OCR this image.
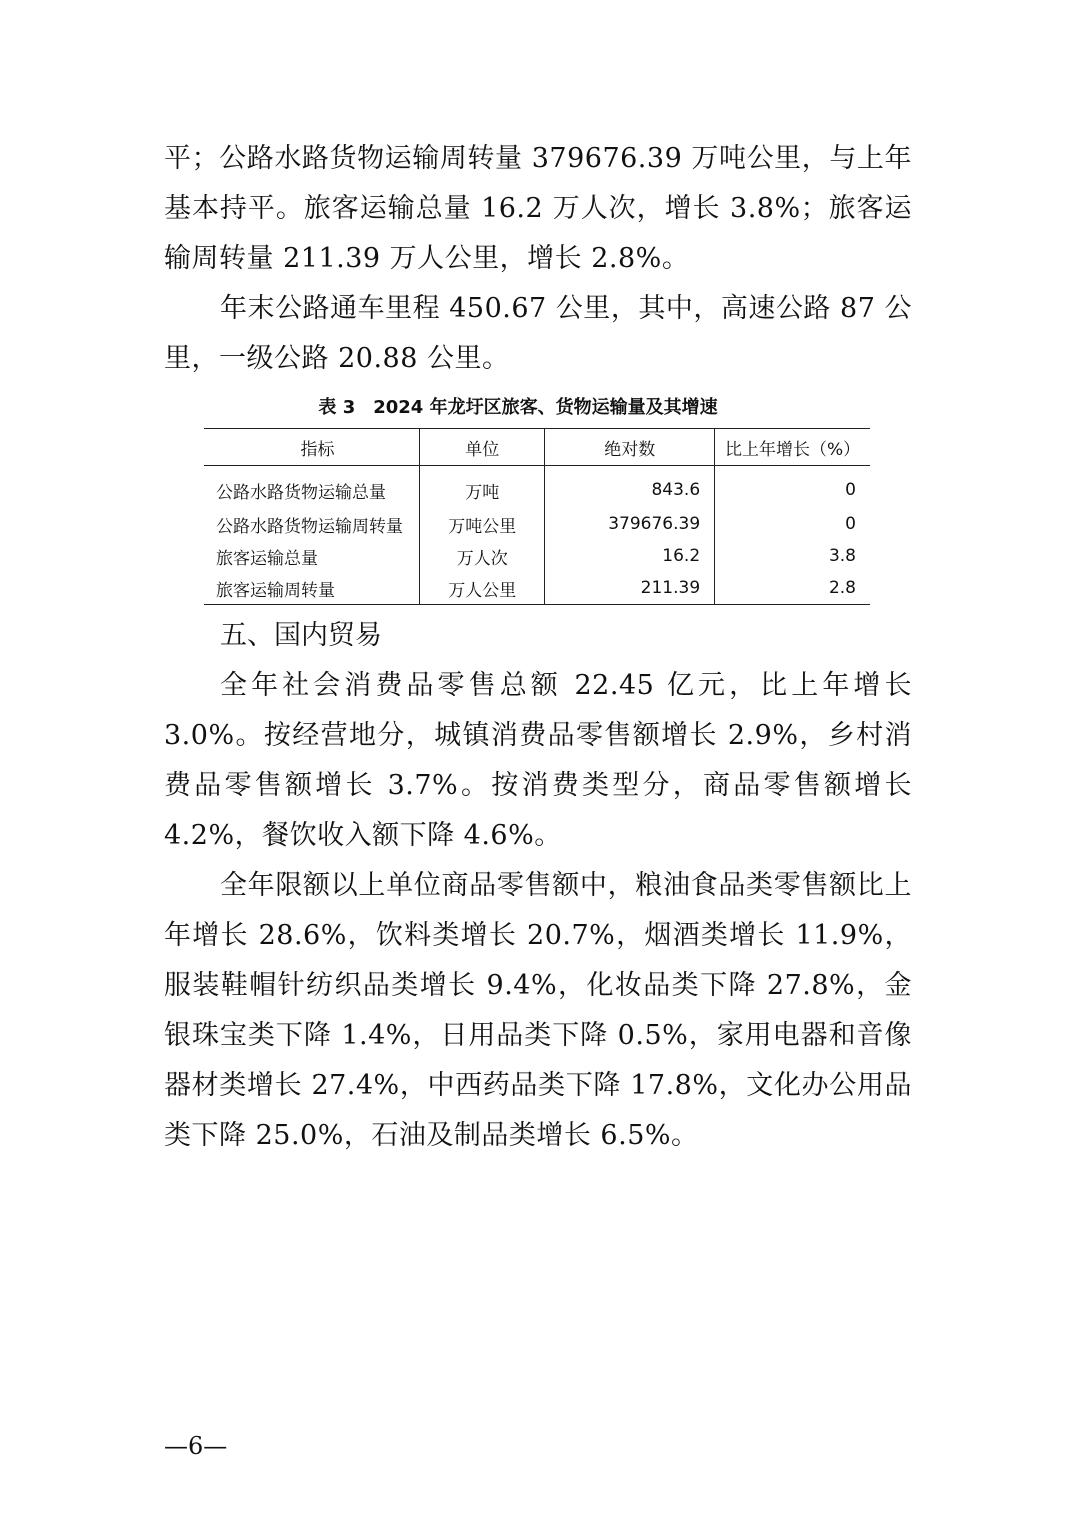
平；公路水路货物运输周转量 379676.39 万吨公里，与上年基本持平。旅客运输总量 16.2 万人次，增长 3.8%；旅客运输周转量 211.39 万人公里，增长 2.8%。

年末公路通车里程 450.67 公里，其中，高速公路 87 公里，一级公路 20.88 公里。

表 3　2024 年龙圩区旅客、货物运输量及其增速

指标	单位	绝对数	比上年增长（%）
公路水路货物运输总量	万吨	843.6	0
公路水路货物运输周转量	万吨公里	379676.39	0
旅客运输总量	万人次	16.2	3.8
旅客运输周转量	万人公里	211.39	2.8

五、国内贸易

全年社会消费品零售总额 22.45 亿元，比上年增长 3.0%。按经营地分，城镇消费品零售额增长 2.9%，乡村消费品零售额增长 3.7%。按消费类型分，商品零售额增长 4.2%，餐饮收入额下降 4.6%。

全年限额以上单位商品零售额中，粮油食品类零售额比上年增长 28.6%，饮料类增长 20.7%，烟酒类增长 11.9%，服装鞋帽针纺织品类增长 9.4%，化妆品类下降 27.8%，金银珠宝类下降 1.4%，日用品类下降 0.5%，家用电器和音像器材类增长 27.4%，中西药品类下降 17.8%，文化办公用品类下降 25.0%，石油及制品类增长 6.5%。

—6—
